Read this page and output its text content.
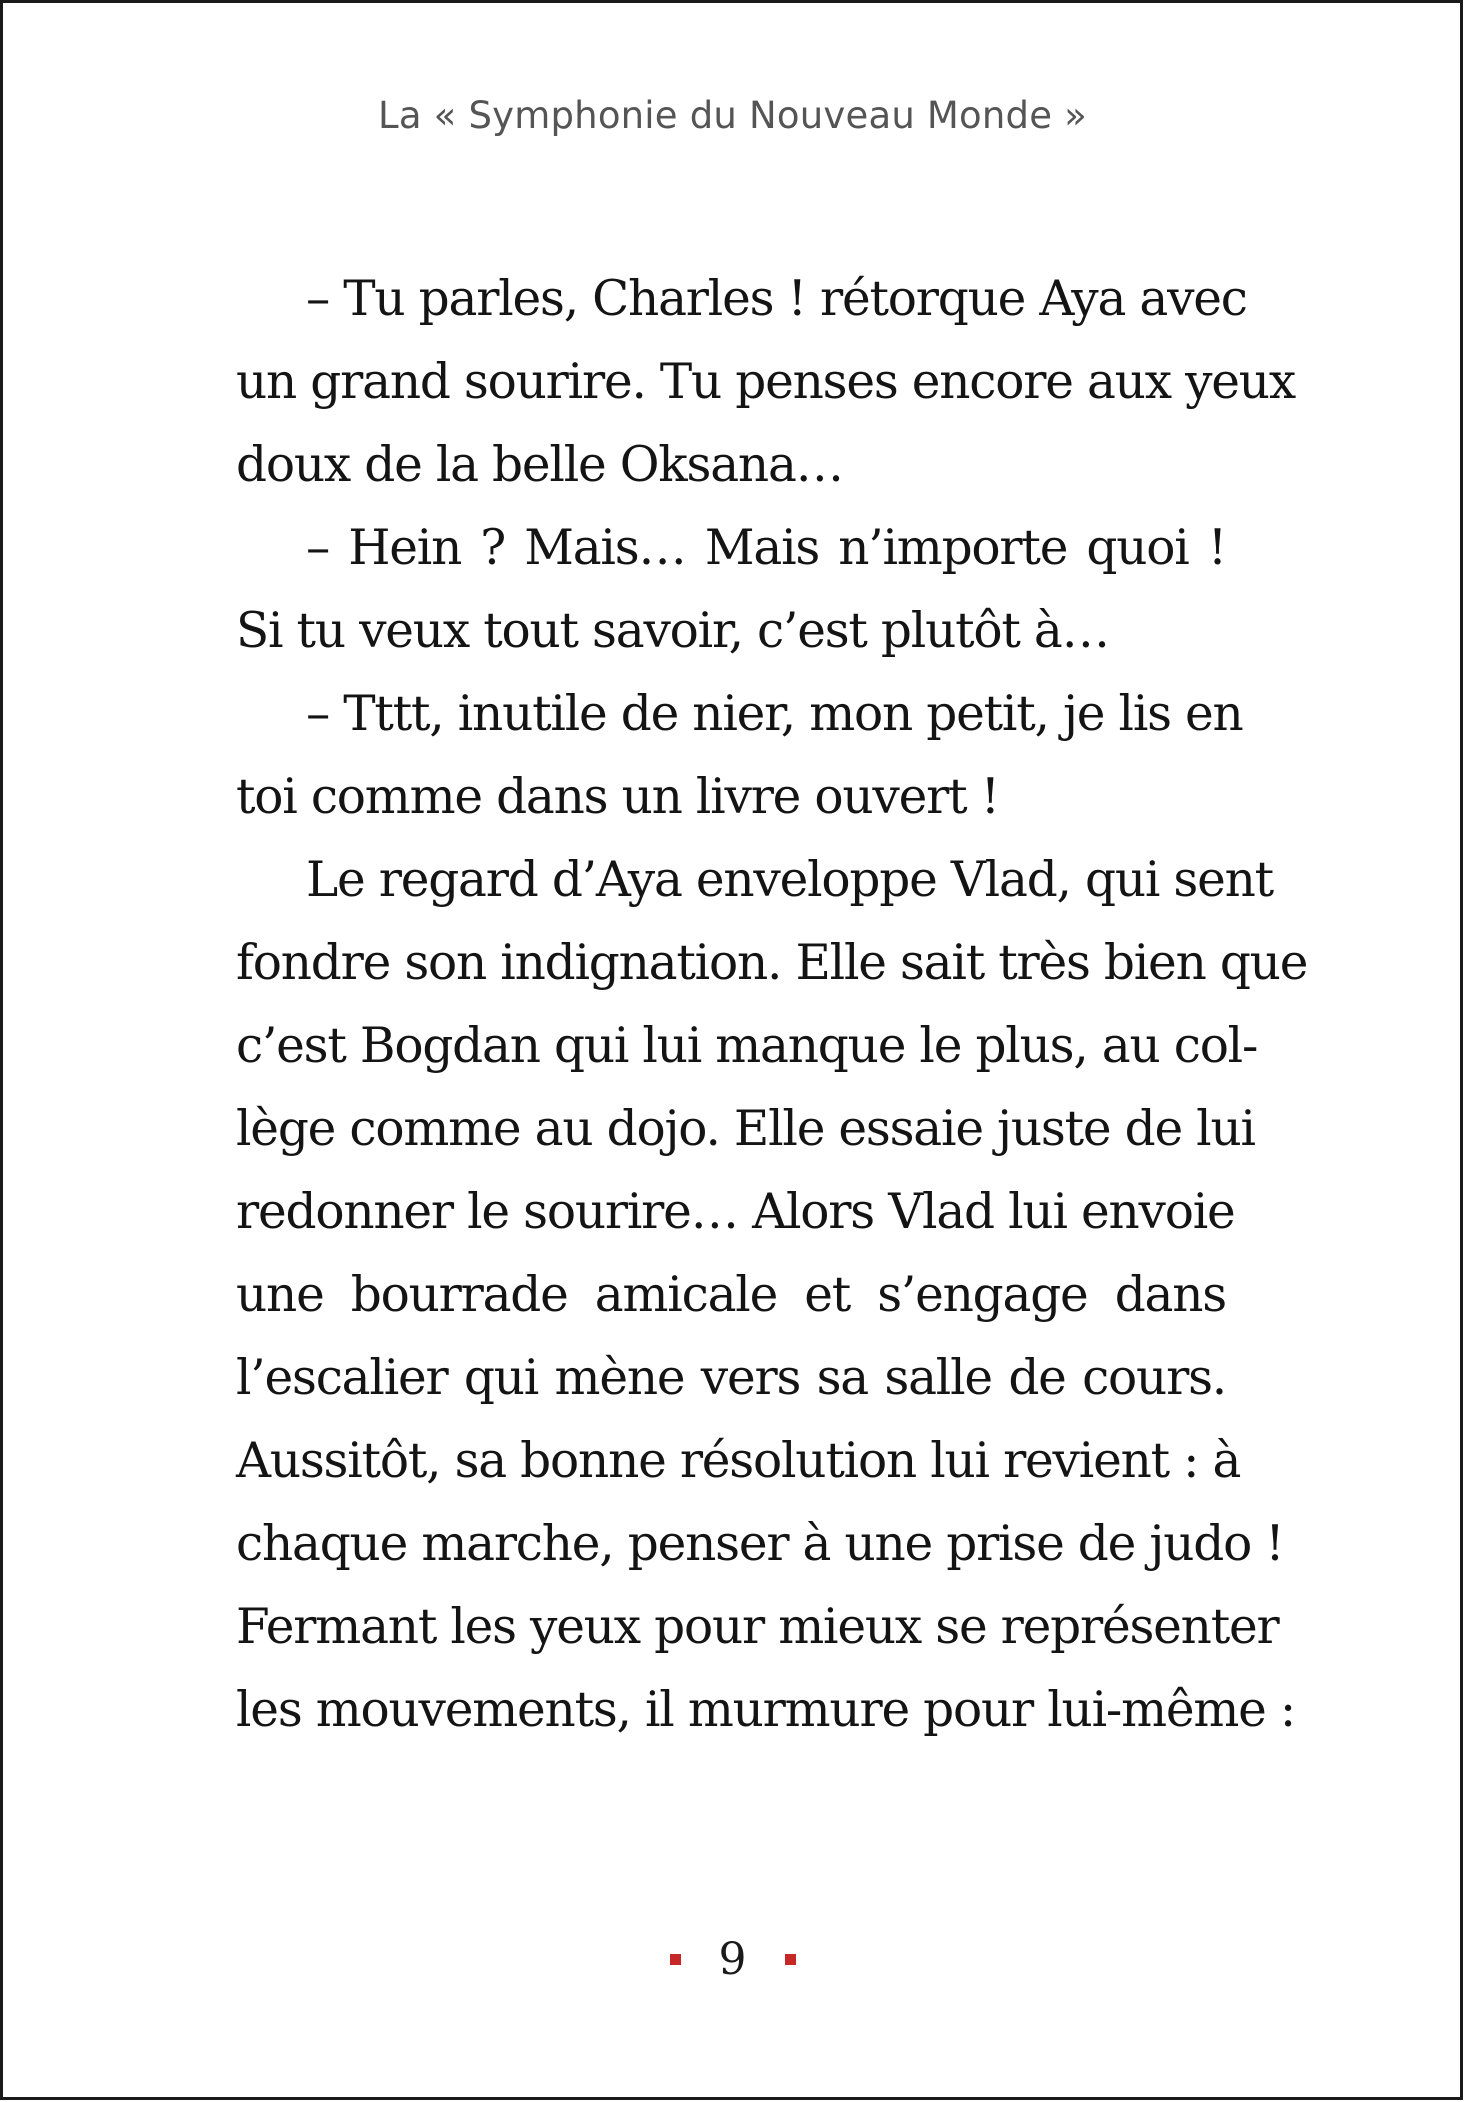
La « Symphonie du Nouveau Monde »
– Tu parles, Charles ! rétorque Aya avec
un grand sourire. Tu penses encore aux yeux
doux de la belle Oksana…
– Hein ? Mais… Mais n’importe quoi !
Si tu veux tout savoir, c’est plutôt à…
– Tttt, inutile de nier, mon petit, je lis en
toi comme dans un livre ouvert !
Le regard d’Aya enveloppe Vlad, qui sent
fondre son indignation. Elle sait très bien que
c’est Bogdan qui lui manque le plus, au col-
lège comme au dojo. Elle essaie juste de lui
redonner le sourire… Alors Vlad lui envoie
une bourrade amicale et s’engage dans
l’escalier qui mène vers sa salle de cours.
Aussitôt, sa bonne résolution lui revient : à
chaque marche, penser à une prise de judo !
Fermant les yeux pour mieux se représenter
les mouvements, il murmure pour lui-même :
9
